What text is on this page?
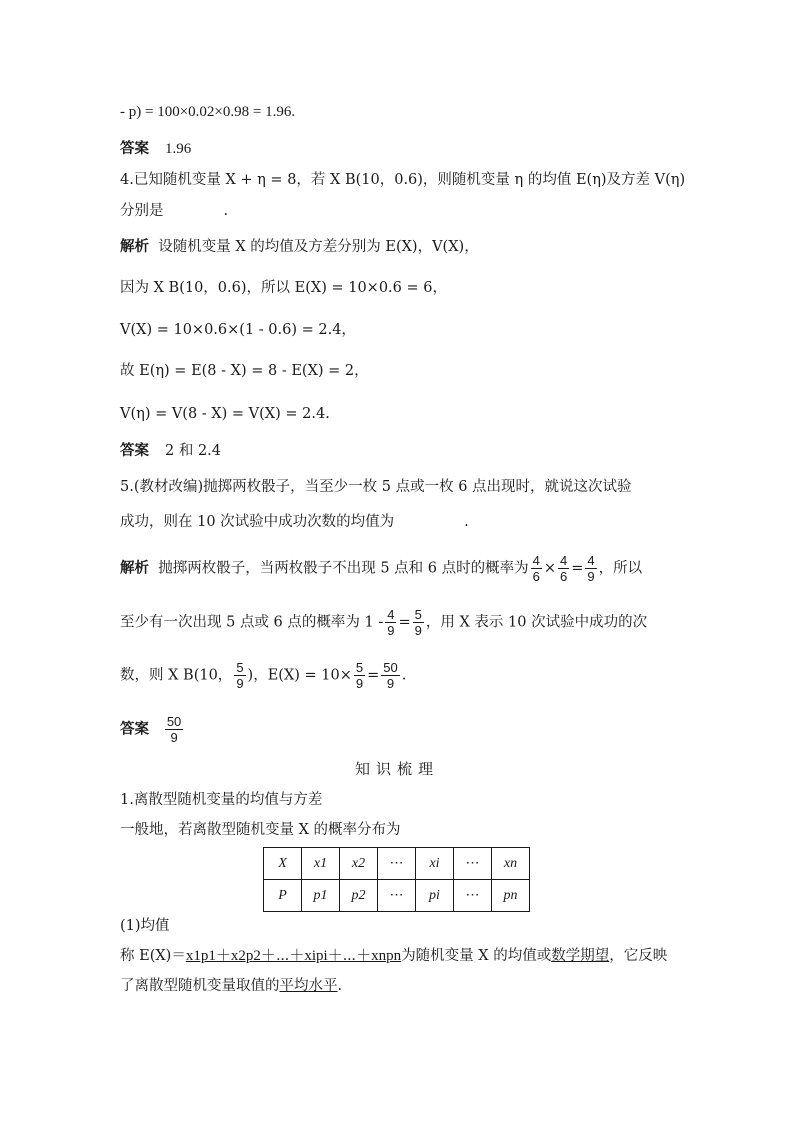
- p) = 100×0.02×0.98 = 1.96.
答案 1.96
4.已知随机变量 X + η = 8，若 X B(10，0.6)，则随机变量 η 的均值 E(η)及方差 V(η)
分别是	.
解析 设随机变量 X 的均值及方差分别为 E(X)，V(X)，
因为 X B(10，0.6)，所以 E(X) = 10×0.6 = 6，
V(X) = 10×0.6×(1 - 0.6) = 2.4，
故 E(η) = E(8 - X) = 8 - E(X) = 2，
V(η) = V(8 - X) = V(X) = 2.4.
答案 2 和 2.4
5.(教材改编)抛掷两枚骰子，当至少一枚 5 点或一枚 6 点出现时，就说这次试验
成功，则在 10 次试验中成功次数的均值为	.
解析 抛掷两枚骰子，当两枚骰子不出现 5 点和 6 点时的概率为 $\frac{4}{6} \times \frac{4}{6} = \frac{4}{9}$ ，所以
至少有一次出现 5 点或 6 点的概率为 $1 - \frac{4}{9} = \frac{5}{9}$ ，用 X 表示 10 次试验中成功的次
数，则 X B(10， $\frac{5}{9}$ )，$E(X) = 10\times \frac{5}{9} = \frac{50}{9}$ .
答案 $\frac{50}{9}$
知识梳理
1.离散型随机变量的均值与方差
一般地，若离散型随机变量 X 的概率分布为
X	x1	x2	⋯	xi	⋯	xn
P	p1	p2	⋯	pi	⋯	pn
(1)均值
称 E(X)＝x1p1＋x2p2＋⋯＋xipi＋⋯＋xnpn为随机变量 X 的均值或数学期望，它反映
了离散型随机变量取值的平均水平.
